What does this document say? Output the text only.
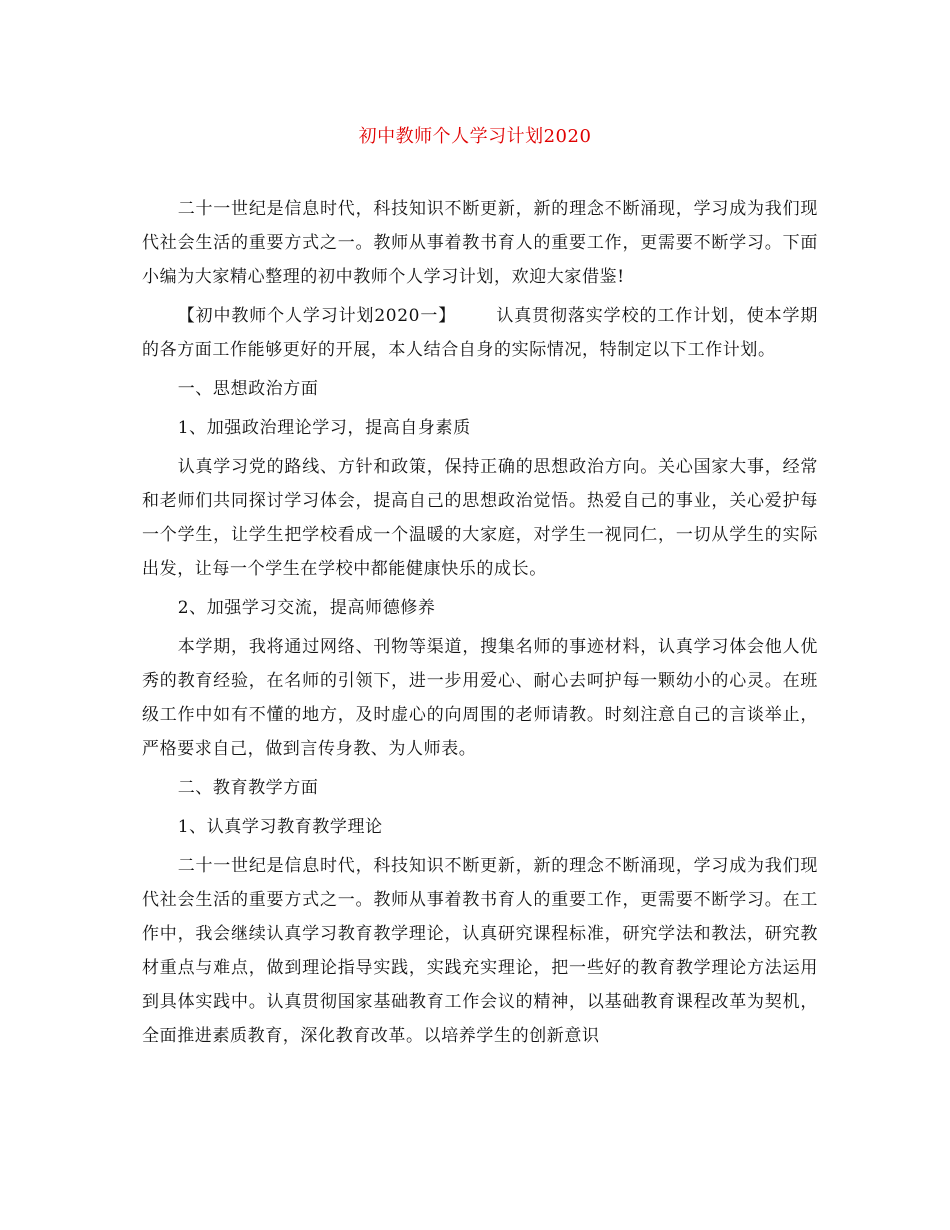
初中教师个人学习计划2020

二十一世纪是信息时代，科技知识不断更新，新的理念不断涌现，学习成为我们现代社会生活的重要方式之一。教师从事着教书育人的重要工作，更需要不断学习。下面小编为大家精心整理的初中教师个人学习计划，欢迎大家借鉴!

【初中教师个人学习计划2020一】 认真贯彻落实学校的工作计划，使本学期的各方面工作能够更好的开展，本人结合自身的实际情况，特制定以下工作计划。

一、思想政治方面

1、加强政治理论学习，提高自身素质

认真学习党的路线、方针和政策，保持正确的思想政治方向。关心国家大事，经常和老师们共同探讨学习体会，提高自己的思想政治觉悟。热爱自己的事业，关心爱护每一个学生，让学生把学校看成一个温暖的大家庭，对学生一视同仁，一切从学生的实际出发，让每一个学生在学校中都能健康快乐的成长。

2、加强学习交流，提高师德修养

本学期，我将通过网络、刊物等渠道，搜集名师的事迹材料，认真学习体会他人优秀的教育经验，在名师的引领下，进一步用爱心、耐心去呵护每一颗幼小的心灵。在班级工作中如有不懂的地方，及时虚心的向周围的老师请教。时刻注意自己的言谈举止，严格要求自己，做到言传身教、为人师表。

二、教育教学方面

1、认真学习教育教学理论

二十一世纪是信息时代，科技知识不断更新，新的理念不断涌现，学习成为我们现代社会生活的重要方式之一。教师从事着教书育人的重要工作，更需要不断学习。在工作中，我会继续认真学习教育教学理论，认真研究课程标准，研究学法和教法，研究教材重点与难点，做到理论指导实践，实践充实理论，把一些好的教育教学理论方法运用到具体实践中。认真贯彻国家基础教育工作会议的精神，以基础教育课程改革为契机，全面推进素质教育，深化教育改革。以培养学生的创新意识
